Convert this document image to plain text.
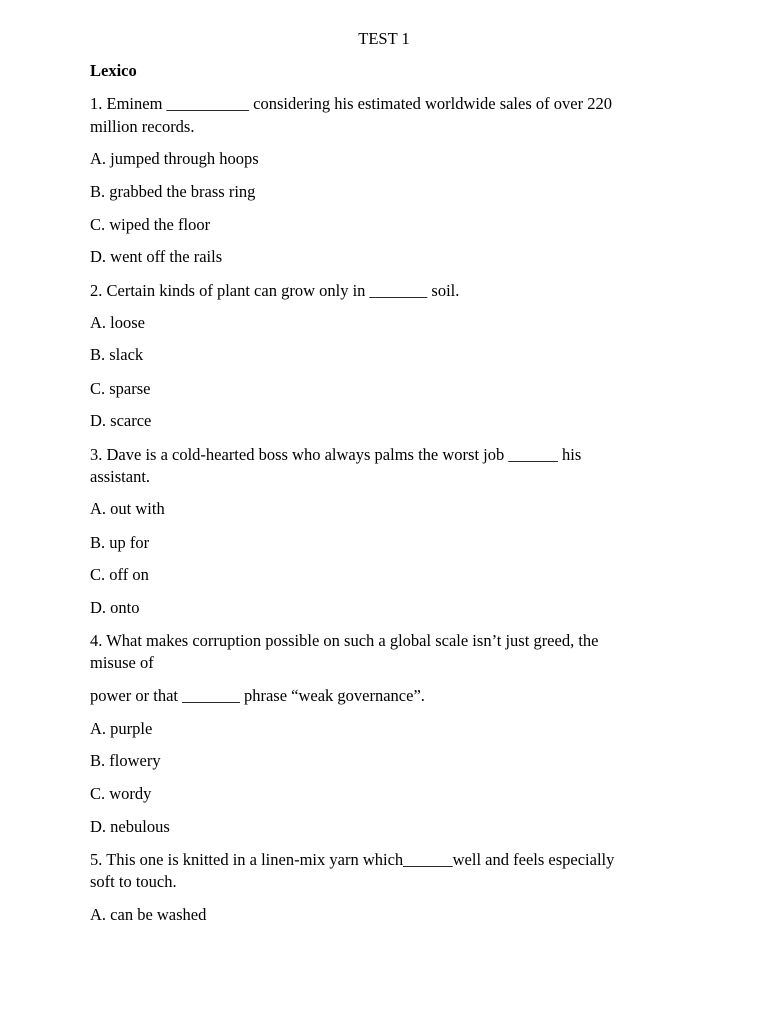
TEST 1
Lexico
1. Eminem __________ considering his estimated worldwide sales of over 220
million records.
A. jumped through hoops
B. grabbed the brass ring
C. wiped the floor
D. went off the rails
2. Certain kinds of plant can grow only in _______ soil.
A. loose
B. slack
C. sparse
D. scarce
3. Dave is a cold-hearted boss who always palms the worst job ______ his
assistant.
A. out with
B. up for
C. off on
D. onto
4. What makes corruption possible on such a global scale isn’t just greed, the
misuse of
power or that _______ phrase “weak governance”.
A. purple
B. flowery
C. wordy
D. nebulous
5. This one is knitted in a linen-mix yarn which______well and feels especially
soft to touch.
A. can be washed
